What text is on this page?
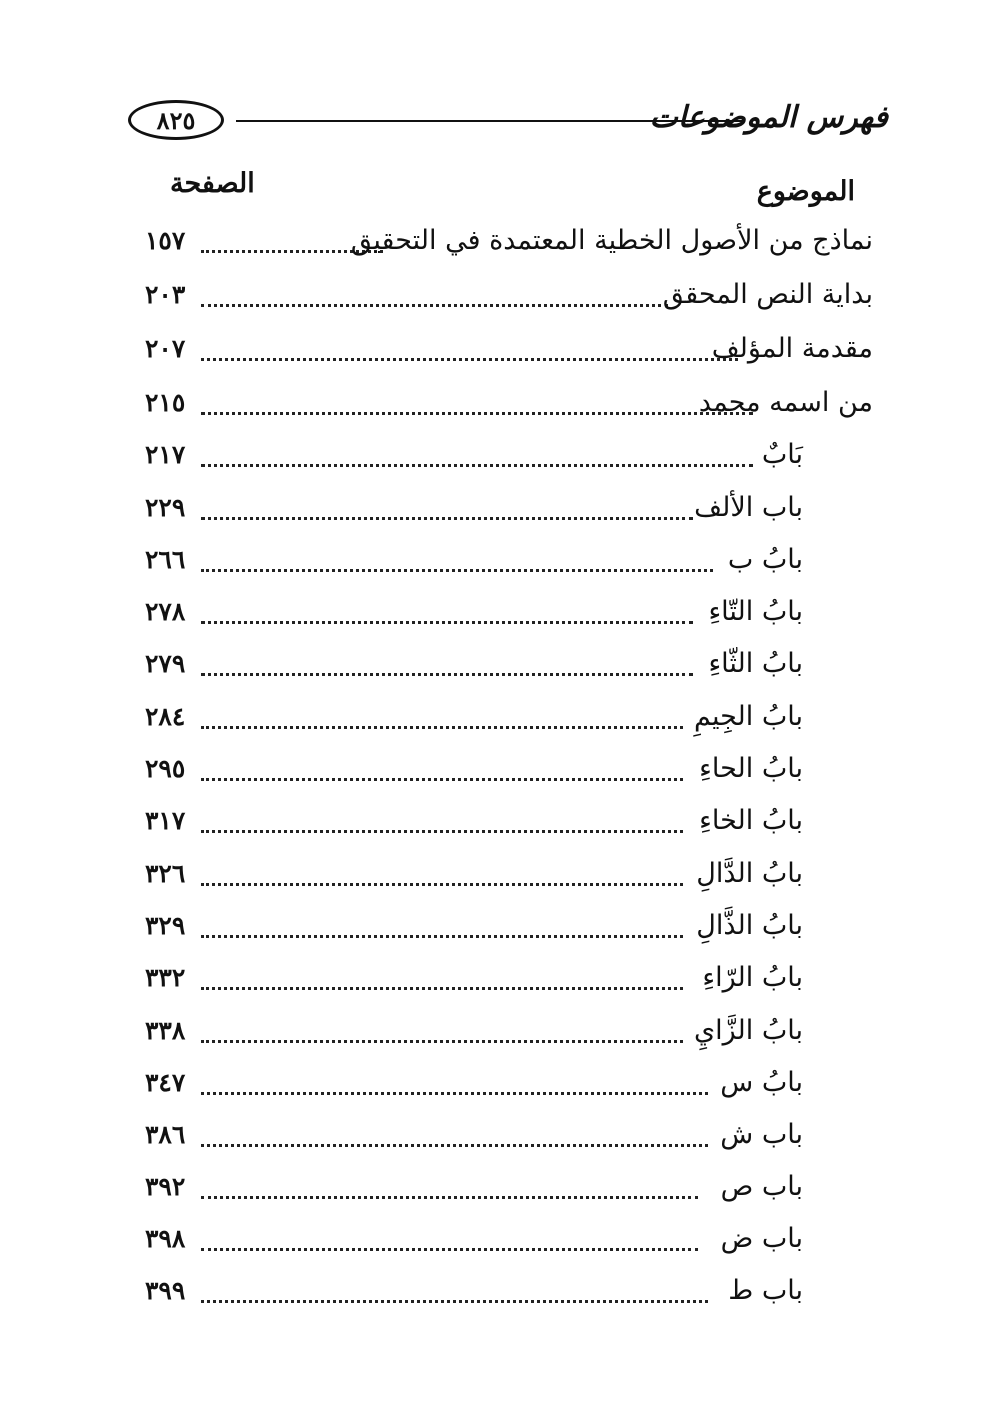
٨٢٥	فهرس الموضوعات
الموضوع
الصفحة
١٥٧	نماذج من الأصول الخطية المعتمدة في التحقيق
٢٠٣	بداية النص المحقق
٢٠٧	مقدمة المؤلف
٢١٥	من اسمه محمد
٢١٧	بَابٌ
٢٢٩	باب الألف
٢٦٦	بابُ ب
٢٧٨	بابُ التّاءِ
٢٧٩	بابُ الثّاءِ
٢٨٤	بابُ الجِيمِ
٢٩٥	بابُ الحاءِ
٣١٧	بابُ الخاءِ
٣٢٦	بابُ الدَّالِ
٣٢٩	بابُ الذَّالِ
٣٣٢	بابُ الرّاءِ
٣٣٨	بابُ الزَّايِ
٣٤٧	بابُ س
٣٨٦	باب ش
٣٩٢	باب ص
٣٩٨	باب ض
٣٩٩	باب ط
